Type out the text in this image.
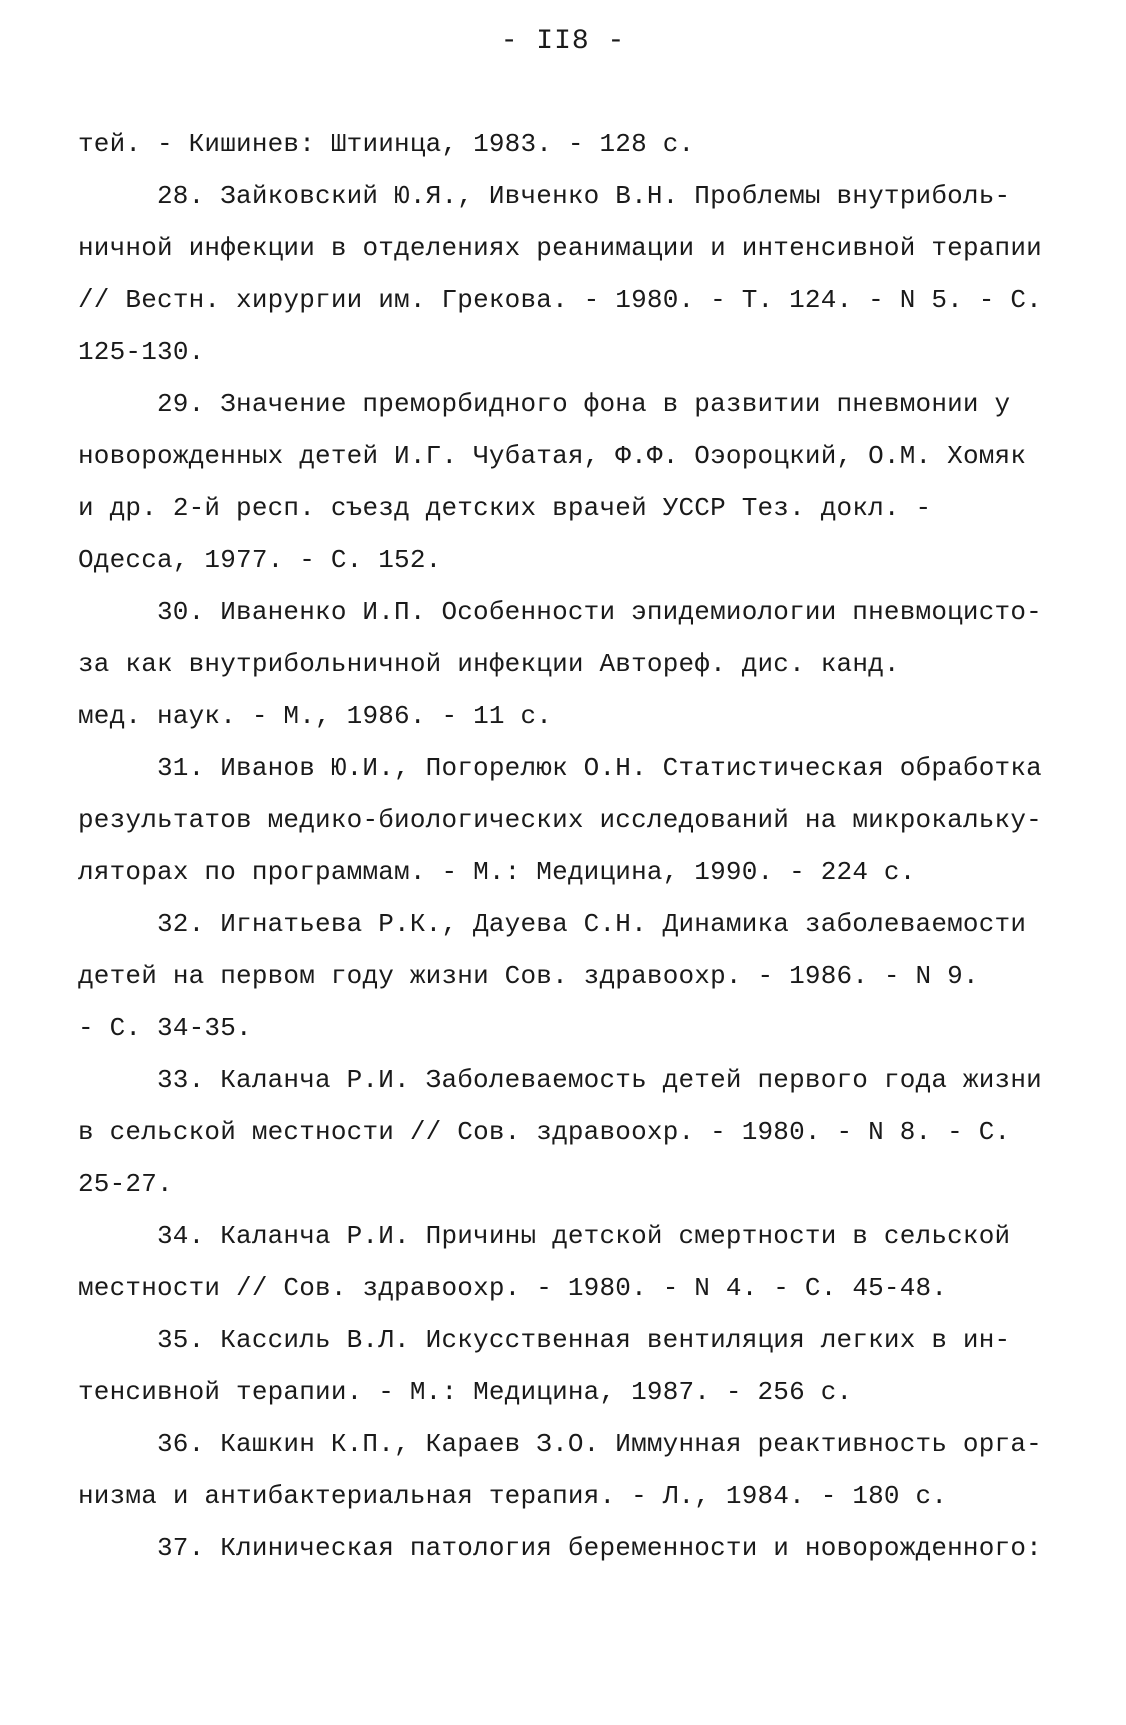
- II8 -
тей. - Кишинев: Штиинца, 1983. - 128 с.
28. Зайковский Ю.Я., Ивченко В.Н. Проблемы внутриболь-
ничной инфекции в отделениях реанимации и интенсивной терапии
// Вестн. хирургии им. Грекова. - 1980. - Т. 124. - N 5. - С.
125-130.
29. Значение преморбидного фона в развитии пневмонии у
новорожденных детей И.Г. Чубатая, Ф.Ф. Оэороцкий, О.М. Хомяк
и др. 2-й респ. съезд детских врачей УССР Тез. докл. -
Одесса, 1977. - С. 152.
30. Иваненко И.П. Особенности эпидемиологии пневмоцисто-
за как внутрибольничной инфекции Автореф. дис. канд.
мед. наук. - М., 1986. - 11 с.
31. Иванов Ю.И., Погорелюк О.Н. Статистическая обработка
результатов медико-биологических исследований на микрокальку-
ляторах по программам. - М.: Медицина, 1990. - 224 с.
32. Игнатьева Р.К., Дауева С.Н. Динамика заболеваемости
детей на первом году жизни Сов. здравоохр. - 1986. - N 9.
- С. 34-35.
33. Каланча Р.И. Заболеваемость детей первого года жизни
в сельской местности // Сов. здравоохр. - 1980. - N 8. - С.
25-27.
34. Каланча Р.И. Причины детской смертности в сельской
местности // Сов. здравоохр. - 1980. - N 4. - С. 45-48.
35. Кассиль В.Л. Искусственная вентиляция легких в ин-
тенсивной терапии. - М.: Медицина, 1987. - 256 с.
36. Кашкин К.П., Караев З.О. Иммунная реактивность орга-
низма и антибактериальная терапия. - Л., 1984. - 180 с.
37. Клиническая патология беременности и новорожденного:
